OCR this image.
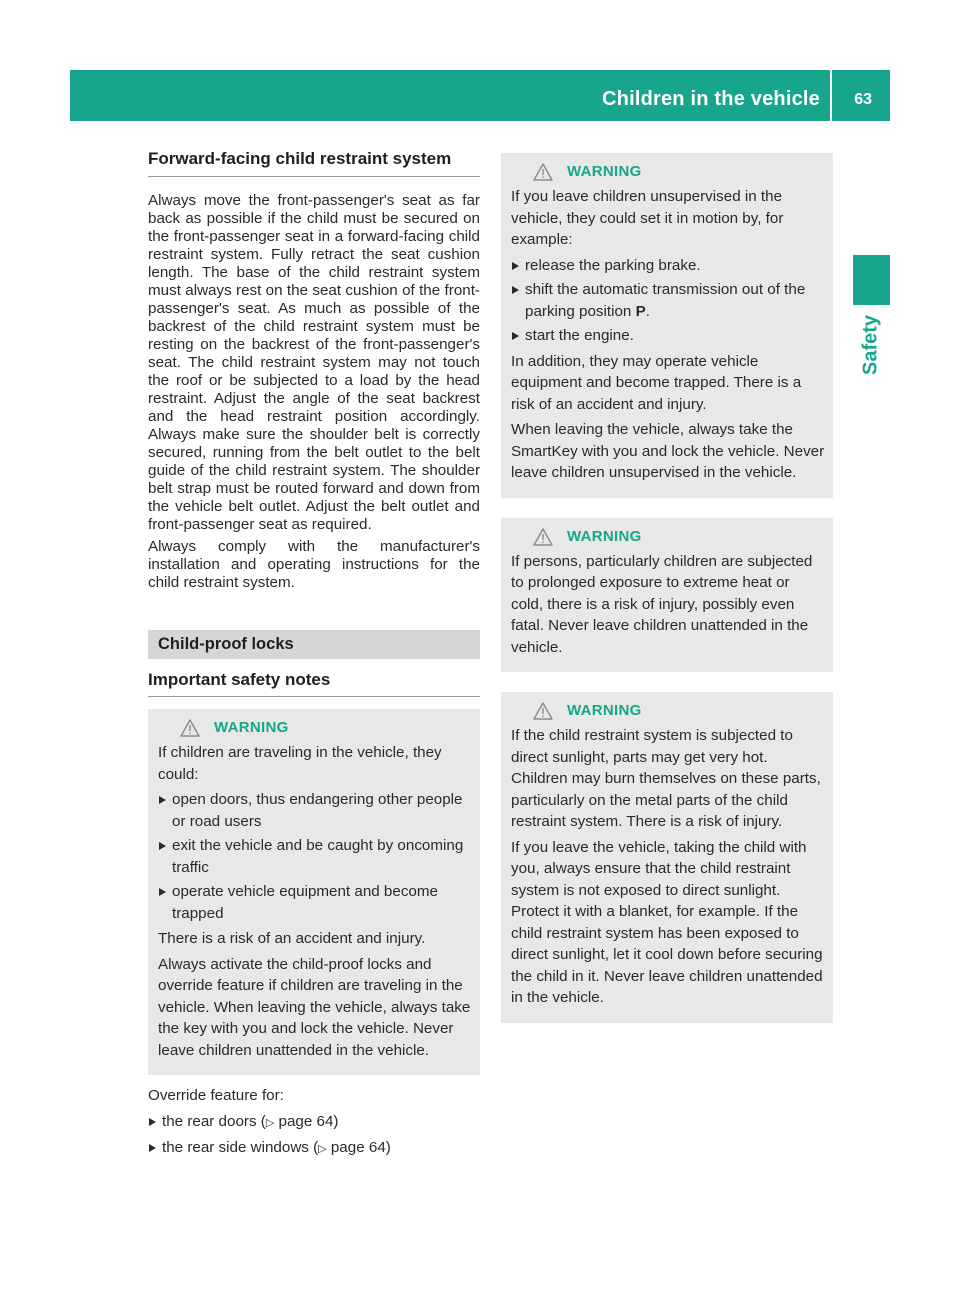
Children in the vehicle 63
Safety
Forward-facing child restraint system

Always move the front-passenger's seat as far back as possible if the child must be secured on the front-passenger seat in a forward-facing child restraint system. Fully retract the seat cushion length. The base of the child restraint system must always rest on the seat cushion of the front-passenger's seat. As much as possible of the backrest of the child restraint system must be resting on the backrest of the front-passenger's seat. The child restraint system may not touch the roof or be subjected to a load by the head restraint. Adjust the angle of the seat backrest and the head restraint position accordingly. Always make sure the shoulder belt is correctly secured, running from the belt outlet to the belt guide of the child restraint system. The shoulder belt strap must be routed forward and down from the vehicle belt outlet. Adjust the belt outlet and front-passenger seat as required.

Always comply with the manufacturer's installation and operating instructions for the child restraint system.

Child-proof locks
Important safety notes
WARNING

If children are traveling in the vehicle, they could:

open doors, thus endangering other people or road users
exit the vehicle and be caught by oncoming traffic
operate vehicle equipment and become trapped

There is a risk of an accident and injury.

Always activate the child-proof locks and override feature if children are traveling in the vehicle. When leaving the vehicle, always take the key with you and lock the vehicle. Never leave children unattended in the vehicle.

Override feature for:

the rear doors (▷ page 64)
the rear side windows (▷ page 64)
WARNING

If you leave children unsupervised in the vehicle, they could set it in motion by, for example:

release the parking brake.
shift the automatic transmission out of the parking position P.
start the engine.

In addition, they may operate vehicle equipment and become trapped. There is a risk of an accident and injury.

When leaving the vehicle, always take the SmartKey with you and lock the vehicle. Never leave children unsupervised in the vehicle.

WARNING

If persons, particularly children are subjected to prolonged exposure to extreme heat or cold, there is a risk of injury, possibly even fatal. Never leave children unattended in the vehicle.

WARNING

If the child restraint system is subjected to direct sunlight, parts may get very hot. Children may burn themselves on these parts, particularly on the metal parts of the child restraint system. There is a risk of injury.

If you leave the vehicle, taking the child with you, always ensure that the child restraint system is not exposed to direct sunlight. Protect it with a blanket, for example. If the child restraint system has been exposed to direct sunlight, let it cool down before securing the child in it. Never leave children unattended in the vehicle.
